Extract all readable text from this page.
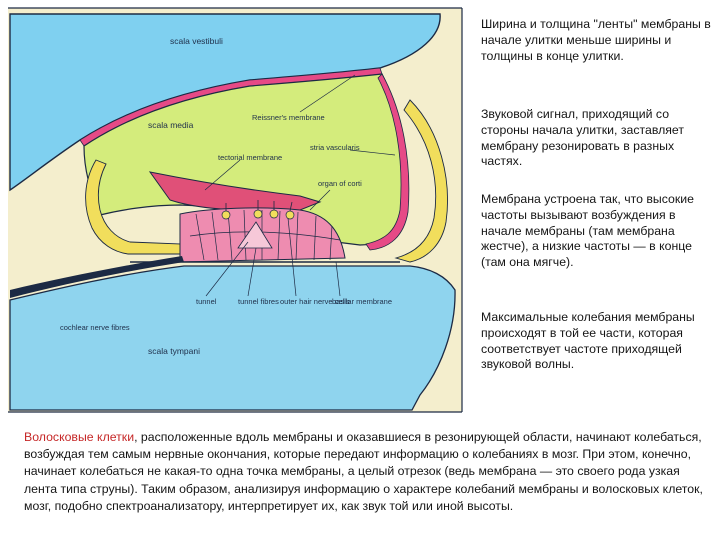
scala vestibuli
Reissner's membrane
scala media
stria vascularis
tectorial membrane
organ of corti
tunnel	tunnel fibres outer hair nerve cells
basilar membrane
cochlear nerve fibres
scala tympani
Ширина и толщина "ленты" мембраны в начале улитки меньше ширины и толщины в конце улитки.
Звуковой сигнал, приходящий со стороны начала улитки, заставляет мембрану резонировать в разных частях.
Мембрана устроена так, что высокие частоты вызывают возбуждения в начале мембраны (там мембрана жестче), а низкие частоты — в конце (там она мягче).
Максимальные колебания мембраны происходят в той ее части, которая соответствует частоте приходящей звуковой волны.
Волосковые клетки, расположенные вдоль мембраны и оказавшиеся в резонирующей области, начинают колебаться, возбуждая тем самым нервные окончания, которые передают информацию о колебаниях в мозг. При этом, конечно, начинает колебаться не какая-то одна точка мембраны, а целый отрезок (ведь мембрана — это своего рода узкая лента типа струны). Таким образом, анализируя информацию о характере колебаний мембраны и волосковых клеток, мозг, подобно спектроанализатору, интерпретирует их, как звук той или иной высоты.
